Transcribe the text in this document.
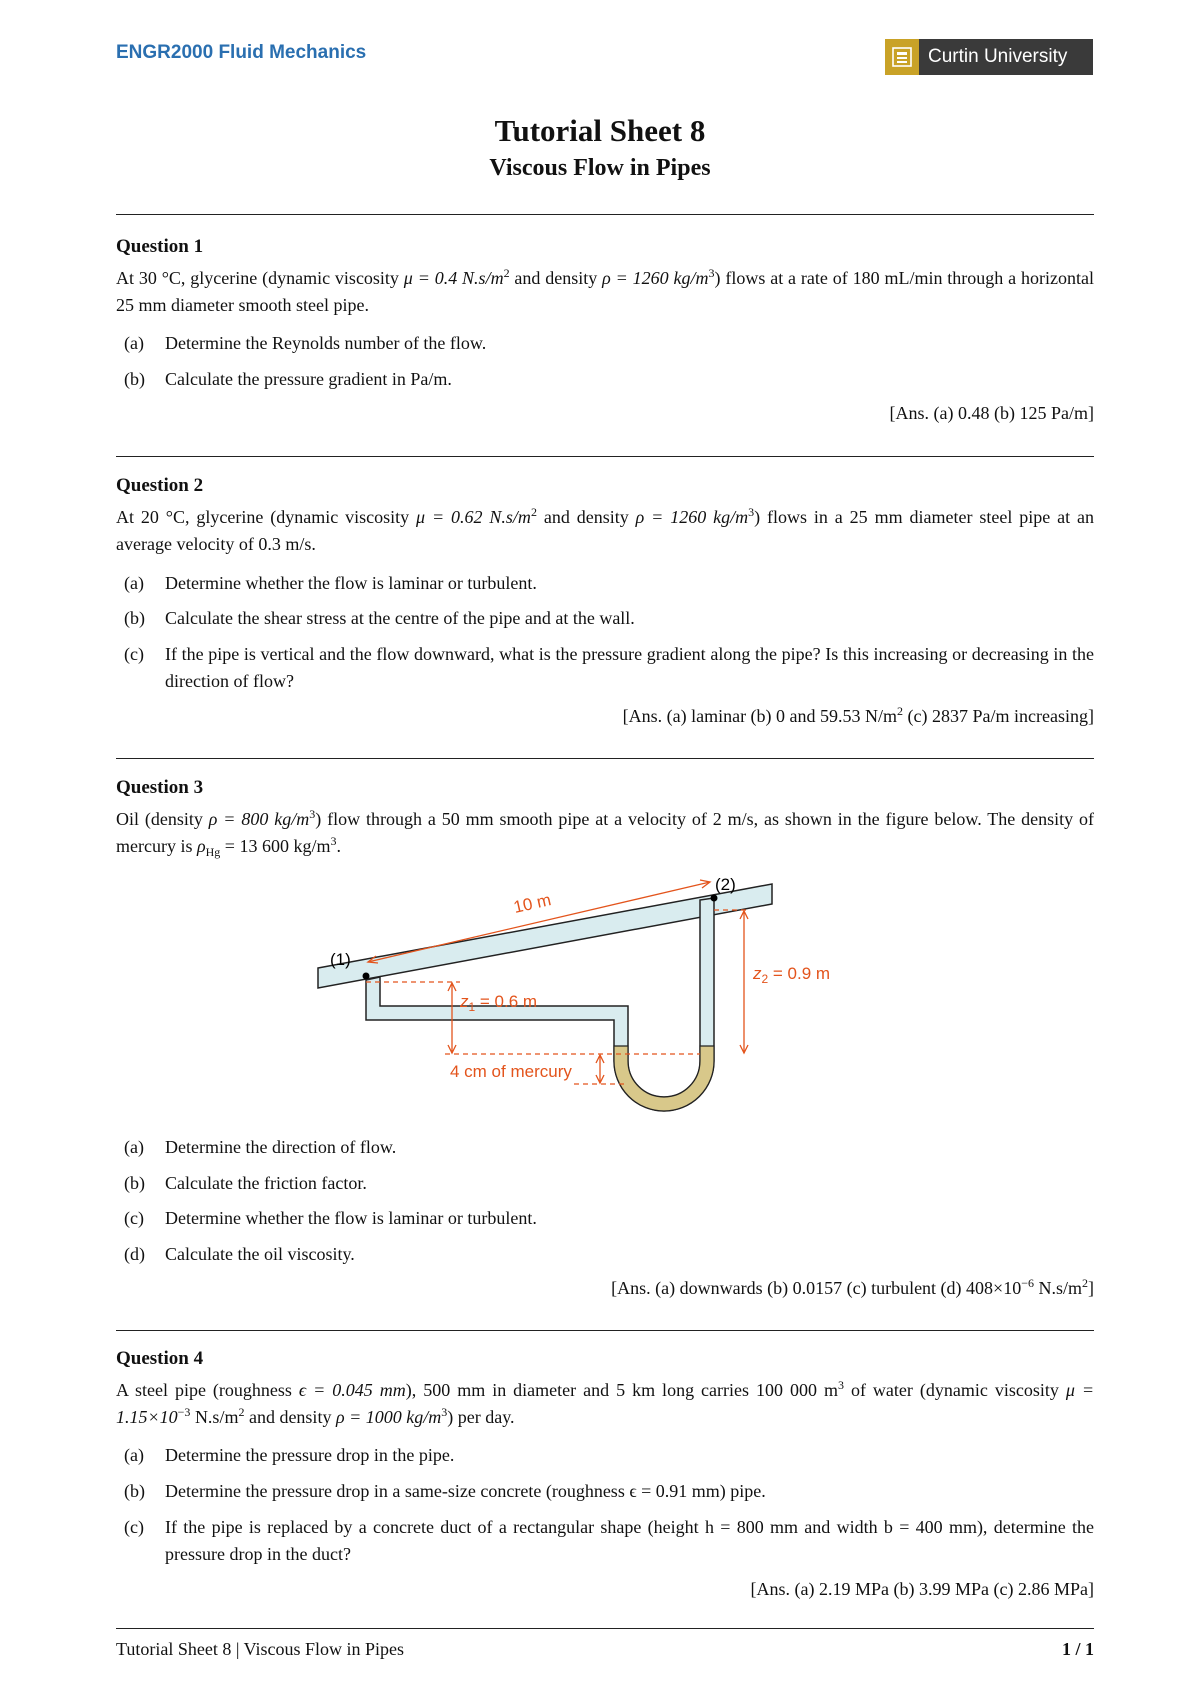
ENGR2000 Fluid Mechanics	Curtin University
Tutorial Sheet 8
Viscous Flow in Pipes
Question 1
At 30 °C, glycerine (dynamic viscosity μ = 0.4 $N.s/m^2$ and density ρ = 1260 $kg/m^3$) flows at a rate of 180 mL/min through a horizontal 25 mm diameter smooth steel pipe.
(a) Determine the Reynolds number of the flow.
(b) Calculate the pressure gradient in Pa/m.
[Ans. (a) 0.48 (b) 125 Pa/m]
Question 2
At 20 °C, glycerine (dynamic viscosity μ = 0.62 $N.s/m^2$ and density ρ = 1260 $kg/m^3$) flows in a 25 mm diameter steel pipe at an average velocity of 0.3 m/s.
(a) Determine whether the flow is laminar or turbulent.
(b) Calculate the shear stress at the centre of the pipe and at the wall.
(c) If the pipe is vertical and the flow downward, what is the pressure gradient along the pipe? Is this increasing or decreasing in the direction of flow?
[Ans. (a) laminar (b) 0 and 59.53 $N/m^2$ (c) 2837 Pa/m increasing]
Question 3
Oil (density ρ = 800 $kg/m^3$) flow through a 50 mm smooth pipe at a velocity of 2 m/s, as shown in the figure below. The density of mercury is $\rho_{Hg} = 13$ 600 $kg/m^3$.
(1)
(2)
10 m
$z_1 = 0.6$ m
$z_2 = 0.9$ m
4 cm of mercury
(a) Determine the direction of flow.
(b) Calculate the friction factor.
(c) Determine whether the flow is laminar or turbulent.
(d) Calculate the oil viscosity.
[Ans. (a) downwards (b) 0.0157 (c) turbulent (d) $408\times 10^{-6}$ $N.s/m^2$]
Question 4
A steel pipe (roughness ϵ = 0.045 mm), 500 mm in diameter and 5 km long carries 100 000 $m^3$ of water (dynamic viscosity $\mu = 1.15\times 10^{-3}$ $N.s/m^2$ and density ρ = 1000 $kg/m^3$) per day.
(a) Determine the pressure drop in the pipe.
(b) Determine the pressure drop in a same-size concrete (roughness ϵ = 0.91 mm) pipe.
(c) If the pipe is replaced by a concrete duct of a rectangular shape (height h = 800 mm and width b = 400 mm), determine the pressure drop in the duct?
[Ans. (a) 2.19 MPa (b) 3.99 MPa (c) 2.86 MPa]
Tutorial Sheet 8 | Viscous Flow in Pipes	1 / 1
